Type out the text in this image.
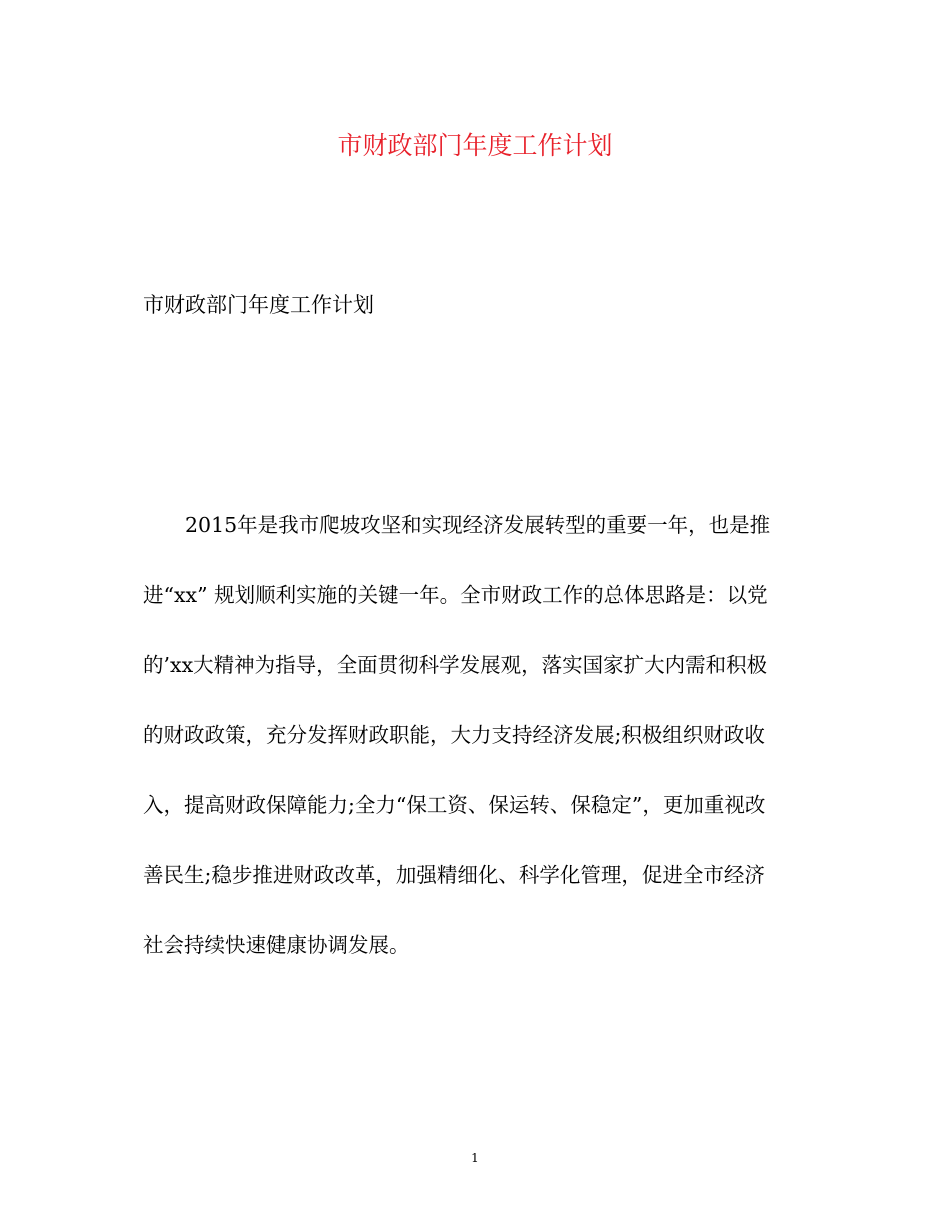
市财政部门年度工作计划

市财政部门年度工作计划

2015年是我市爬坡攻坚和实现经济发展转型的重要一年，也是推
进“xx” 规划顺利实施的关键一年。全市财政工作的总体思路是：以党
的’xx大精神为指导，全面贯彻科学发展观，落实国家扩大内需和积极
的财政政策，充分发挥财政职能，大力支持经济发展;积极组织财政收
入，提高财政保障能力;全力“保工资、保运转、保稳定”，更加重视改
善民生;稳步推进财政改革，加强精细化、科学化管理，促进全市经济
社会持续快速健康协调发展。
1
